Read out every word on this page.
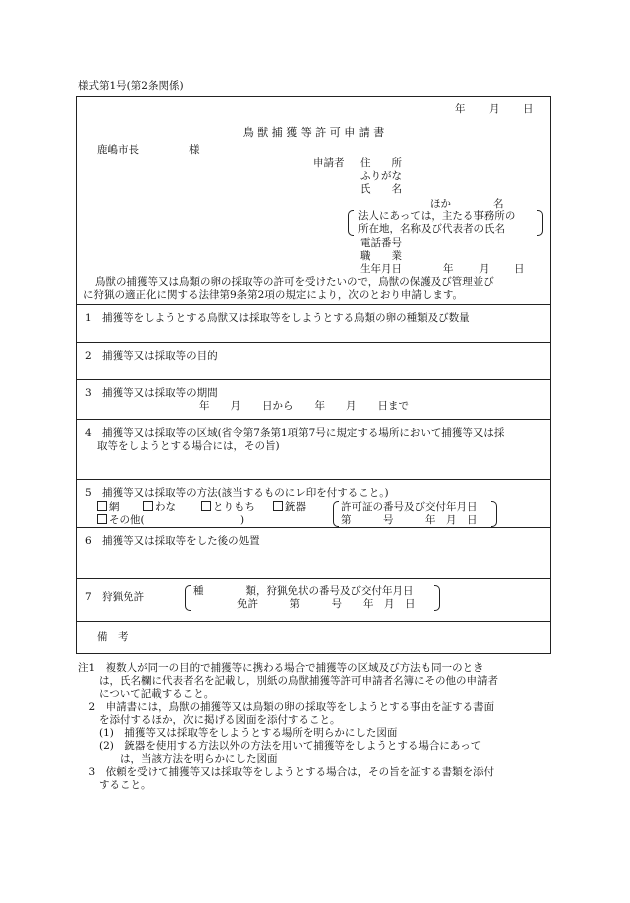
様式第1号(第2条関係)
年 月 日
鳥 獣 捕 獲 等 許 可 申 請 書
鹿嶋市長	様
申請者 住　　所
ふりがな
氏　　名
ほか　　　　名
法人にあっては，主たる事務所の
所在地，名称及び代表者の氏名
電話番号
職　　業
生年月日	年 月 日
鳥獣の捕獲等又は鳥類の卵の採取等の許可を受けたいので，鳥獣の保護及び管理並び
に狩猟の適正化に関する法律第9条第2項の規定により，次のとおり申請します。
1　捕獲等をしようとする鳥獣又は採取等をしようとする鳥類の卵の種類及び数量
2　捕獲等又は採取等の目的
3　捕獲等又は採取等の期間
年　　月　　日から　　年　　月　　日まで
4　捕獲等又は採取等の区域(省令第7条第1項第7号に規定する場所において捕獲等又は採
取等をしようとする場合には，その旨)
5　捕獲等又は採取等の方法(該当するものにレ印を付すること。)
網	わな	とりもち	銃器
その他(	)
許可証の番号及び交付年月日
第　　　号　　　年　月　日
6　捕獲等又は採取等をした後の処置
7　狩猟免許	種　　　　類，狩猟免状の番号及び交付年月日
免許　　　第　　　号　　年　月　日
備　考
注1　複数人が同一の目的で捕獲等に携わる場合で捕獲等の区域及び方法も同一のとき
　　は，氏名欄に代表者名を記載し，別紙の鳥獣捕獲等許可申請者名簿にその他の申請者
　　について記載すること。
　2　申請書には，鳥獣の捕獲等又は鳥類の卵の採取等をしようとする事由を証する書面
　　を添付するほか，次に掲げる図面を添付すること。
　　(1)　捕獲等又は採取等をしようとする場所を明らかにした図面
　　(2)　銃器を使用する方法以外の方法を用いて捕獲等をしようとする場合にあって
　　　　は，当該方法を明らかにした図面
　3　依頼を受けて捕獲等又は採取等をしようとする場合は，その旨を証する書類を添付
　　すること。
